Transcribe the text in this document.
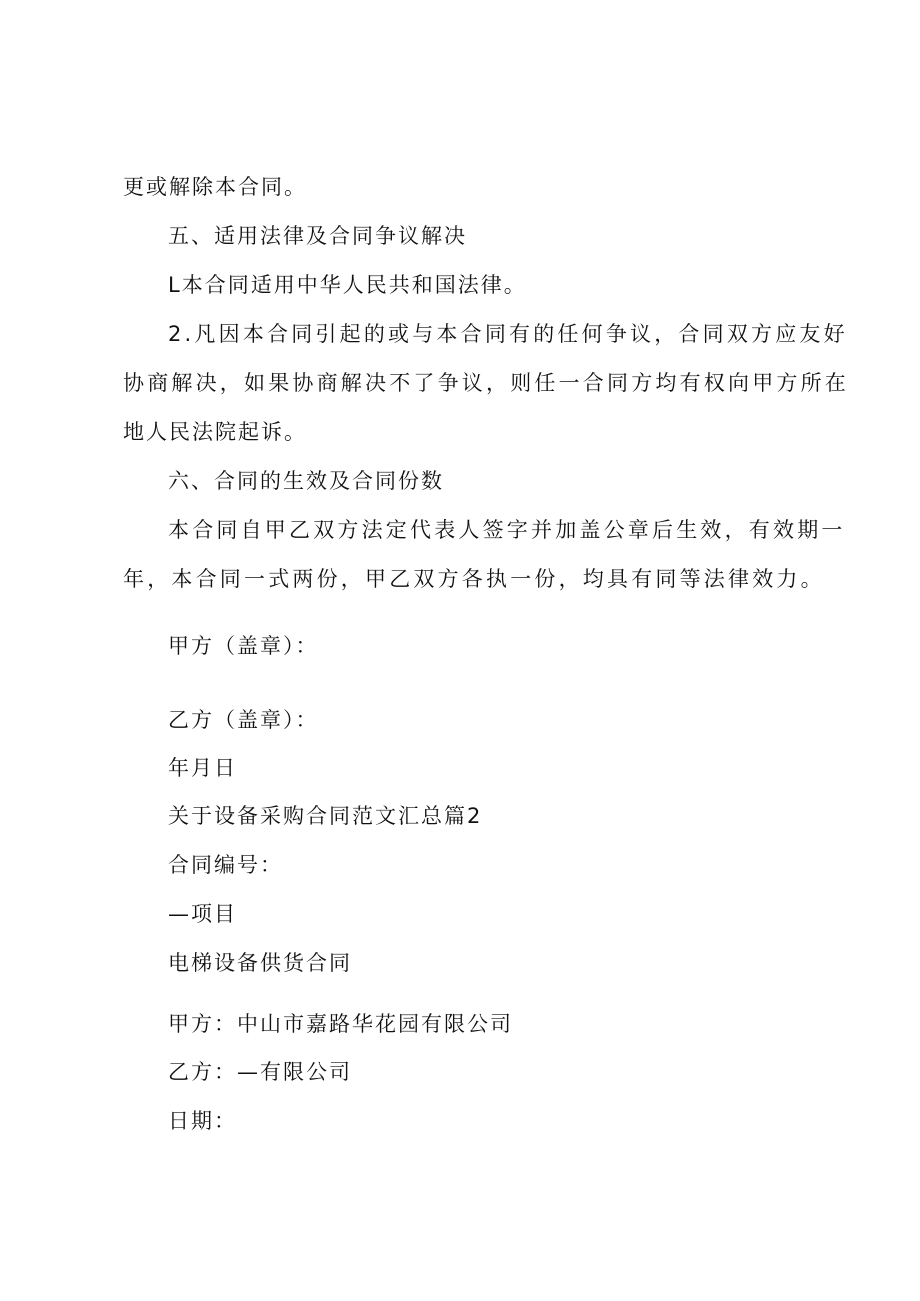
更或解除本合同。
五、适用法律及合同争议解决
L本合同适用中华人民共和国法律。
2.凡因本合同引起的或与本合同有的任何争议，合同双方应友好
协商解决，如果协商解决不了争议，则任一合同方均有权向甲方所在
地人民法院起诉。
六、合同的生效及合同份数
本合同自甲乙双方法定代表人签字并加盖公章后生效，有效期一
年，本合同一式两份，甲乙双方各执一份，均具有同等法律效力。
甲方（盖章）：
乙方（盖章）：
年月日
关于设备采购合同范文汇总篇2
合同编号：
—项目
电梯设备供货合同
甲方：中山市嘉路华花园有限公司
乙方：—有限公司
日期：
